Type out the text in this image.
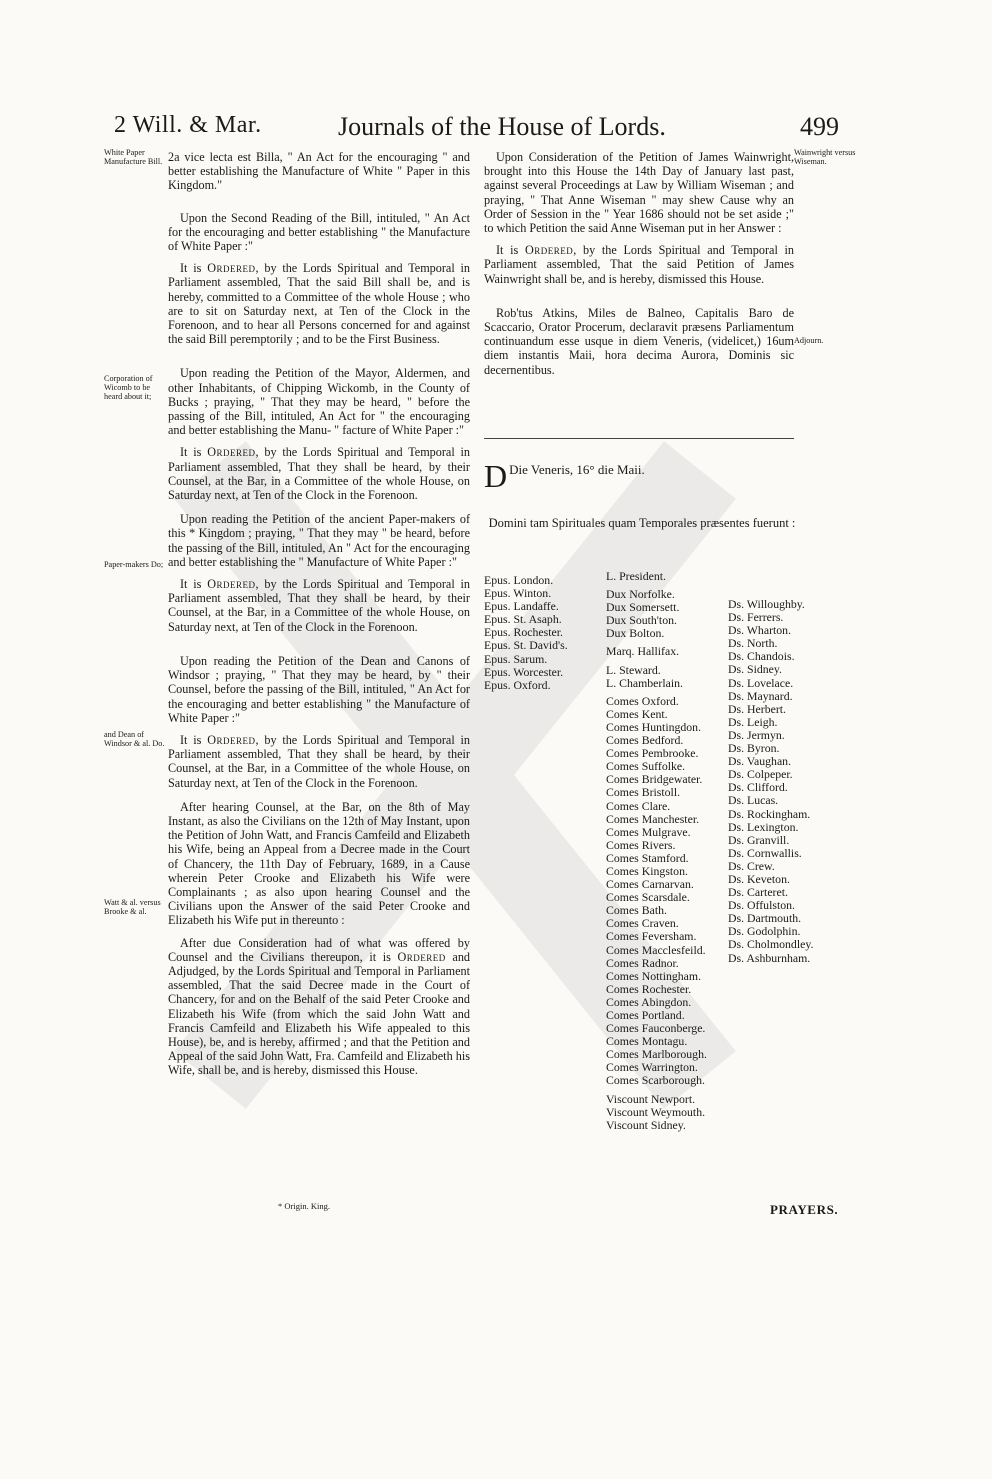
2 Will. & Mar.	Journals of the House of Lords.	499
White Paper Manufacture Bill.
Corporation of Wicomb to be heard about it;
Paper-makers Do;
and Dean of Windsor & al. Do.
Watt & al. versus Brooke & al.

2a vice lecta est Billa, " An Act for the encouraging " and better establishing the Manufacture of White " Paper in this Kingdom."

Upon the Second Reading of the Bill, intituled, " An Act for the encouraging and better establishing " the Manufacture of White Paper :"

It is Ordered, by the Lords Spiritual and Temporal in Parliament assembled, That the said Bill shall be, and is hereby, committed to a Committee of the whole House ; who are to sit on Saturday next, at Ten of the Clock in the Forenoon, and to hear all Persons concerned for and against the said Bill peremptorily ; and to be the First Business.

Upon reading the Petition of the Mayor, Aldermen, and other Inhabitants, of Chipping Wickomb, in the County of Bucks ; praying, " That they may be heard, " before the passing of the Bill, intituled, An Act for " the encouraging and better establishing the Manu- " facture of White Paper :"

It is Ordered, by the Lords Spiritual and Temporal in Parliament assembled, That they shall be heard, by their Counsel, at the Bar, in a Committee of the whole House, on Saturday next, at Ten of the Clock in the Forenoon.

Upon reading the Petition of the ancient Paper-makers of this * Kingdom ; praying, " That they may " be heard, before the passing of the Bill, intituled, An " Act for the encouraging and better establishing the " Manufacture of White Paper :"

It is Ordered, by the Lords Spiritual and Temporal in Parliament assembled, That they shall be heard, by their Counsel, at the Bar, in a Committee of the whole House, on Saturday next, at Ten of the Clock in the Forenoon.

Upon reading the Petition of the Dean and Canons of Windsor ; praying, " That they may be heard, by " their Counsel, before the passing of the Bill, intituled, " An Act for the encouraging and better establishing " the Manufacture of White Paper :"

It is Ordered, by the Lords Spiritual and Temporal in Parliament assembled, That they shall be heard, by their Counsel, at the Bar, in a Committee of the whole House, on Saturday next, at Ten of the Clock in the Forenoon.

After hearing Counsel, at the Bar, on the 8th of May Instant, as also the Civilians on the 12th of May Instant, upon the Petition of John Watt, and Francis Camfeild and Elizabeth his Wife, being an Appeal from a Decree made in the Court of Chancery, the 11th Day of February, 1689, in a Cause wherein Peter Crooke and Elizabeth his Wife were Complainants ; as also upon hearing Counsel and the Civilians upon the Answer of the said Peter Crooke and Elizabeth his Wife put in thereunto :

After due Consideration had of what was offered by Counsel and the Civilians thereupon, it is Ordered and Adjudged, by the Lords Spiritual and Temporal in Parliament assembled, That the said Decree made in the Court of Chancery, for and on the Behalf of the said Peter Crooke and Elizabeth his Wife (from which the said John Watt and Francis Camfeild and Elizabeth his Wife appealed to this House), be, and is hereby, affirmed ; and that the Petition and Appeal of the said John Watt, Fra. Camfeild and Elizabeth his Wife, shall be, and is hereby, dismissed this House.

* Origin. King.
Wainwright versus Wiseman.
Adjourn.

Upon Consideration of the Petition of James Wainwright, brought into this House the 14th Day of January last past, against several Proceedings at Law by William Wiseman ; and praying, " That Anne Wiseman " may shew Cause why an Order of Session in the " Year 1686 should not be set aside ;" to which Petition the said Anne Wiseman put in her Answer :

It is Ordered, by the Lords Spiritual and Temporal in Parliament assembled, That the said Petition of James Wainwright shall be, and is hereby, dismissed this House.

Rob'tus Atkins, Miles de Balneo, Capitalis Baro de Scaccario, Orator Procerum, declaravit præsens Parliamentum continuandum esse usque in diem Veneris, (videlicet,) 16um diem instantis Maii, hora decima Aurora, Dominis sic decernentibus.

D Die Veneris, 16° die Maii.
Domini tam Spirituales quam Temporales præsentes fuerunt :
Epus. London.
Epus. Winton.
Epus. Landaffe.
Epus. St. Asaph.
Epus. Rochester.
Epus. St. David's.
Epus. Sarum.
Epus. Worcester.
Epus. Oxford.
L. President.
Dux Norfolke.
Dux Somersett.
Dux South'ton.
Dux Bolton.
Marq. Hallifax.
L. Steward.
L. Chamberlain.
Comes Oxford.
Comes Kent.
Comes Huntingdon.
Comes Bedford.
Comes Pembrooke.
Comes Suffolke.
Comes Bridgewater.
Comes Bristoll.
Comes Clare.
Comes Manchester.
Comes Mulgrave.
Comes Rivers.
Comes Stamford.
Comes Kingston.
Comes Carnarvan.
Comes Scarsdale.
Comes Bath.
Comes Craven.
Comes Feversham.
Comes Macclesfeild.
Comes Radnor.
Comes Nottingham.
Comes Rochester.
Comes Abingdon.
Comes Portland.
Comes Fauconberge.
Comes Montagu.
Comes Marlborough.
Comes Warrington.
Comes Scarborough.
Viscount Newport.
Viscount Weymouth.
Viscount Sidney.
Ds. Willoughby.
Ds. Ferrers.
Ds. Wharton.
Ds. North.
Ds. Chandois.
Ds. Sidney.
Ds. Lovelace.
Ds. Maynard.
Ds. Herbert.
Ds. Leigh.
Ds. Jermyn.
Ds. Byron.
Ds. Vaughan.
Ds. Colpeper.
Ds. Clifford.
Ds. Lucas.
Ds. Rockingham.
Ds. Lexington.
Ds. Granvill.
Ds. Cornwallis.
Ds. Crew.
Ds. Keveton.
Ds. Carteret.
Ds. Offulston.
Ds. Dartmouth.
Ds. Godolphin.
Ds. Cholmondley.
Ds. Ashburnham.
PRAYERS.
